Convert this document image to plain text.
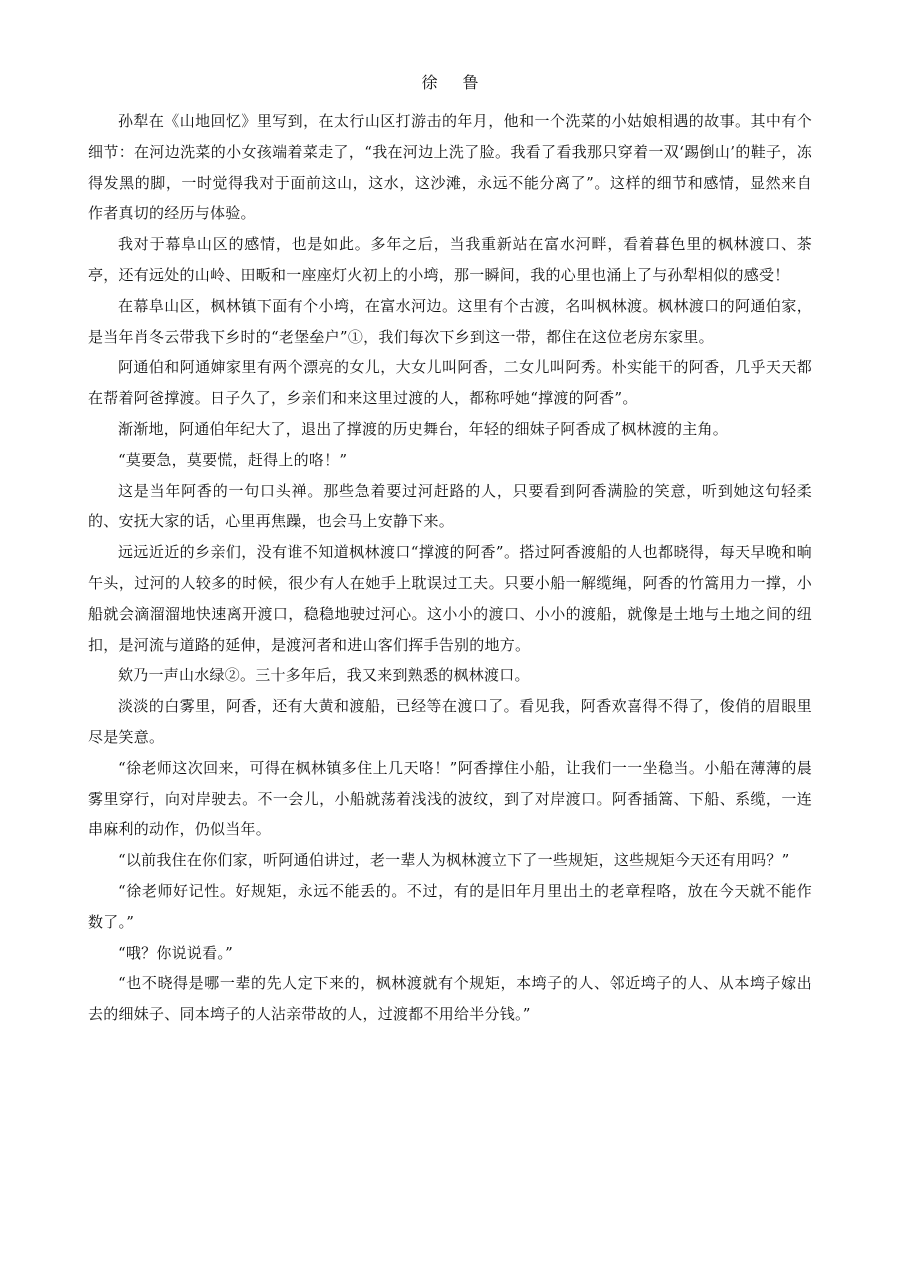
徐 鲁

孙犁在《山地回忆》里写到，在太行山区打游击的年月，他和一个洗菜的小姑娘相遇的故事。其中有个细节：在河边洗菜的小女孩端着菜走了，“我在河边上洗了脸。我看了看我那只穿着一双‘踢倒山’的鞋子，冻得发黑的脚，一时觉得我对于面前这山，这水，这沙滩，永远不能分离了”。这样的细节和感情，显然来自作者真切的经历与体验。

我对于幕阜山区的感情，也是如此。多年之后，当我重新站在富水河畔，看着暮色里的枫林渡口、茶亭，还有远处的山岭、田畈和一座座灯火初上的小塆，那一瞬间，我的心里也涌上了与孙犁相似的感受！

在幕阜山区，枫林镇下面有个小塆，在富水河边。这里有个古渡，名叫枫林渡。枫林渡口的阿通伯家，是当年肖冬云带我下乡时的“老堡垒户”①，我们每次下乡到这一带，都住在这位老房东家里。

阿通伯和阿通婶家里有两个漂亮的女儿，大女儿叫阿香，二女儿叫阿秀。朴实能干的阿香，几乎天天都在帮着阿爸撑渡。日子久了，乡亲们和来这里过渡的人，都称呼她“撑渡的阿香”。

渐渐地，阿通伯年纪大了，退出了撑渡的历史舞台，年轻的细妹子阿香成了枫林渡的主角。

“莫要急，莫要慌，赶得上的咯！”

这是当年阿香的一句口头禅。那些急着要过河赶路的人，只要看到阿香满脸的笑意，听到她这句轻柔的、安抚大家的话，心里再焦躁，也会马上安静下来。

远远近近的乡亲们，没有谁不知道枫林渡口“撑渡的阿香”。搭过阿香渡船的人也都晓得，每天早晚和晌午头，过河的人较多的时候，很少有人在她手上耽误过工夫。只要小船一解缆绳，阿香的竹篙用力一撑，小船就会滴溜溜地快速离开渡口，稳稳地驶过河心。这小小的渡口、小小的渡船，就像是土地与土地之间的纽扣，是河流与道路的延伸，是渡河者和进山客们挥手告别的地方。

欸乃一声山水绿②。三十多年后，我又来到熟悉的枫林渡口。

淡淡的白雾里，阿香，还有大黄和渡船，已经等在渡口了。看见我，阿香欢喜得不得了，俊俏的眉眼里尽是笑意。

“徐老师这次回来，可得在枫林镇多住上几天咯！”阿香撑住小船，让我们一一坐稳当。小船在薄薄的晨雾里穿行，向对岸驶去。不一会儿，小船就荡着浅浅的波纹，到了对岸渡口。阿香插篙、下船、系缆，一连串麻利的动作，仍似当年。

“以前我住在你们家，听阿通伯讲过，老一辈人为枫林渡立下了一些规矩，这些规矩今天还有用吗？”

“徐老师好记性。好规矩，永远不能丢的。不过，有的是旧年月里出土的老章程咯，放在今天就不能作数了。”

“哦？你说说看。”

“也不晓得是哪一辈的先人定下来的，枫林渡就有个规矩，本塆子的人、邻近塆子的人、从本塆子嫁出去的细妹子、同本塆子的人沾亲带故的人，过渡都不用给半分钱。”
